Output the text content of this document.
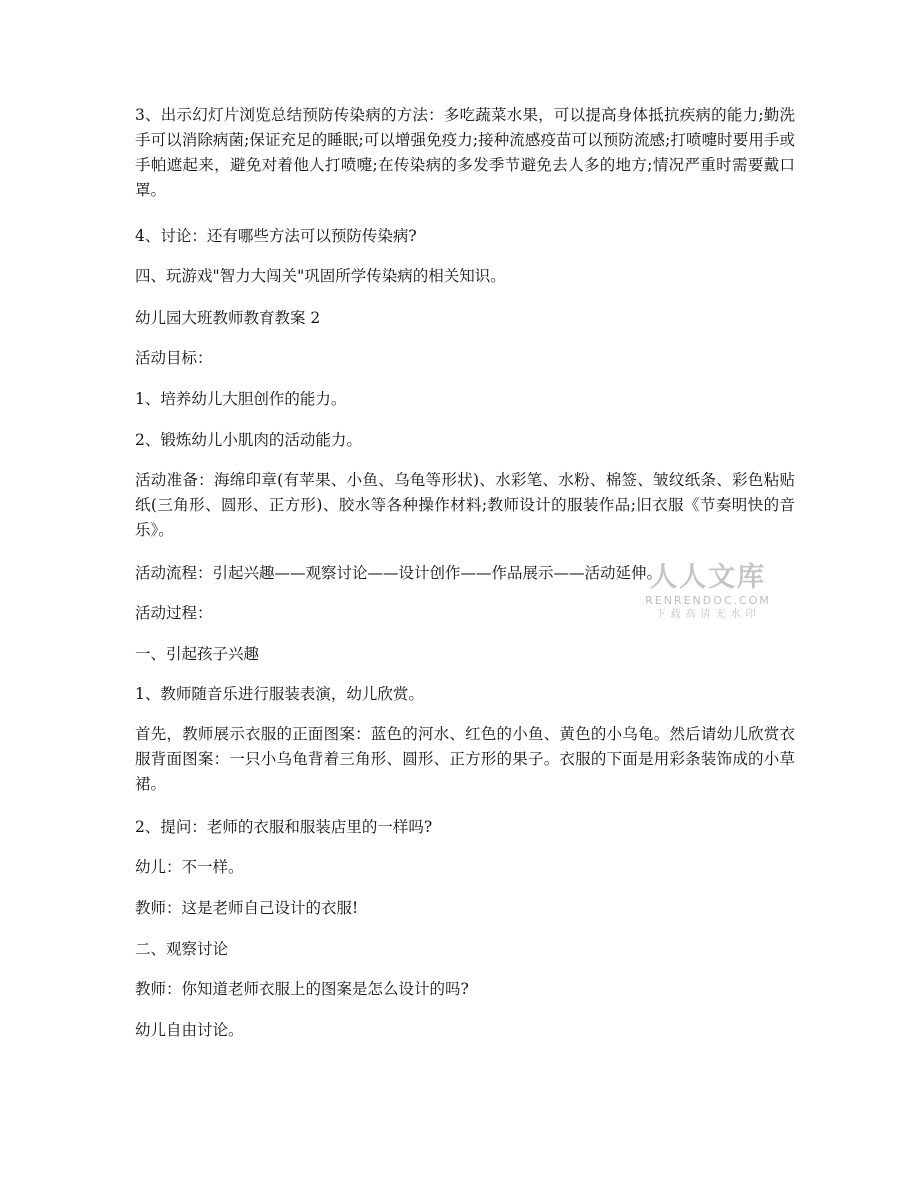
3、出示幻灯片浏览总结预防传染病的方法：多吃蔬菜水果，可以提高身体抵抗疾病的能力;勤洗手可以消除病菌;保证充足的睡眠;可以增强免疫力;接种流感疫苗可以预防流感;打喷嚏时要用手或手帕遮起来，避免对着他人打喷嚏;在传染病的多发季节避免去人多的地方;情况严重时需要戴口罩。

4、讨论：还有哪些方法可以预防传染病?

四、玩游戏"智力大闯关"巩固所学传染病的相关知识。

幼儿园大班教师教育教案 2

活动目标：

1、培养幼儿大胆创作的能力。

2、锻炼幼儿小肌肉的活动能力。

活动准备：海绵印章(有苹果、小鱼、乌龟等形状)、水彩笔、水粉、棉签、皱纹纸条、彩色粘贴纸(三角形、圆形、正方形)、胶水等各种操作材料;教师设计的服装作品;旧衣服《节奏明快的音乐》。

活动流程：引起兴趣——观察讨论——设计创作——作品展示——活动延伸。

活动过程：

一、引起孩子兴趣

1、教师随音乐进行服装表演，幼儿欣赏。

首先，教师展示衣服的正面图案：蓝色的河水、红色的小鱼、黄色的小乌龟。然后请幼儿欣赏衣服背面图案：一只小乌龟背着三角形、圆形、正方形的果子。衣服的下面是用彩条装饰成的小草裙。

2、提问：老师的衣服和服装店里的一样吗?

幼儿：不一样。

教师：这是老师自己设计的衣服!

二、观察讨论

教师：你知道老师衣服上的图案是怎么设计的吗?

幼儿自由讨论。

人人文库
RENRENDOC.COM
下载高清无水印
